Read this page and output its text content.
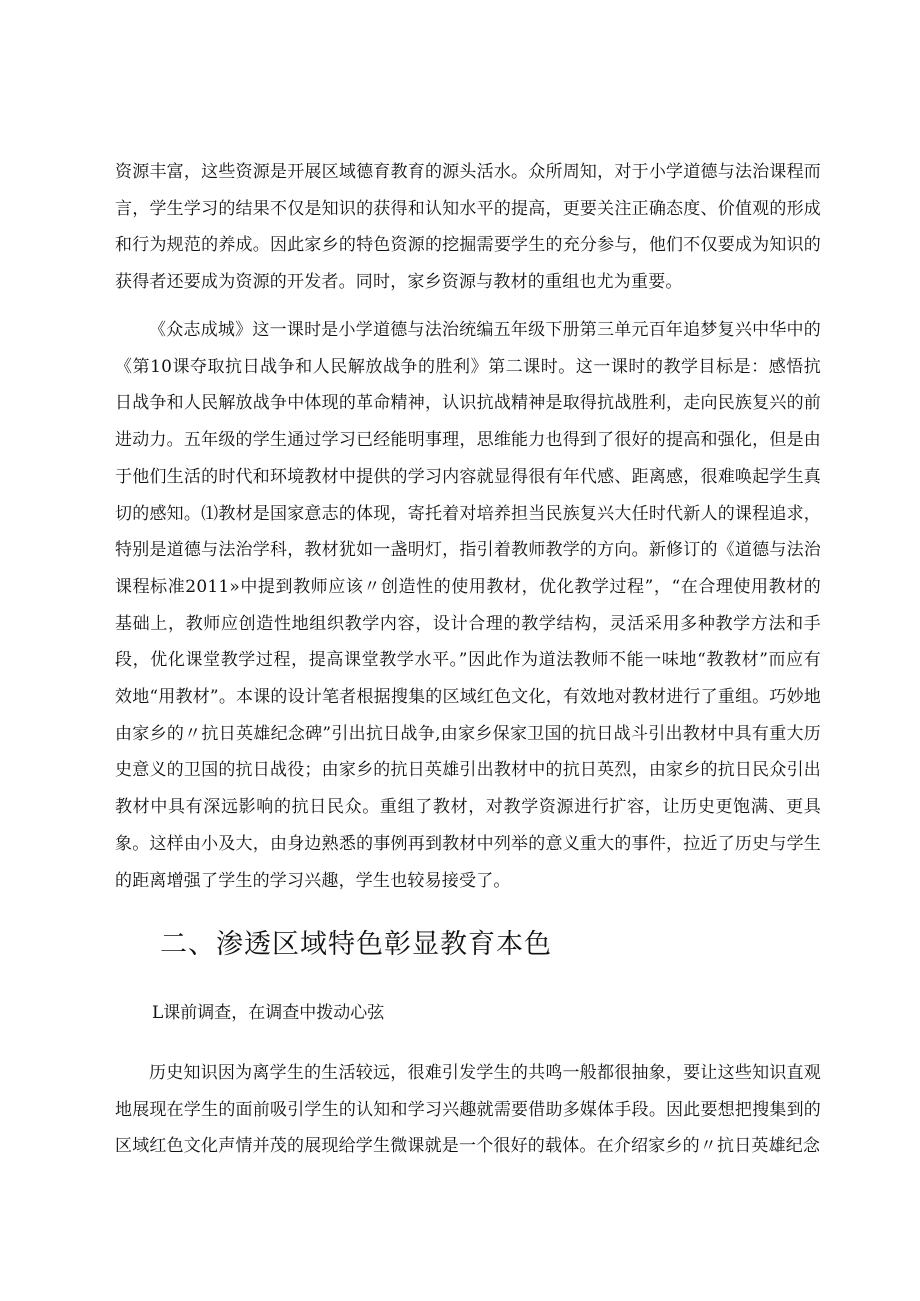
资源丰富，这些资源是开展区域德育教育的源头活水。众所周知，对于小学道德与法治课程而言，学生学习的结果不仅是知识的获得和认知水平的提高，更要关注正确态度、价值观的形成和行为规范的养成。因此家乡的特色资源的挖掘需要学生的充分参与，他们不仅要成为知识的获得者还要成为资源的开发者。同时，家乡资源与教材的重组也尤为重要。

《众志成城》这一课时是小学道德与法治统编五年级下册第三单元百年追梦复兴中华中的《第10课夺取抗日战争和人民解放战争的胜利》第二课时。这一课时的教学目标是：感悟抗日战争和人民解放战争中体现的革命精神，认识抗战精神是取得抗战胜利，走向民族复兴的前进动力。五年级的学生通过学习已经能明事理，思维能力也得到了很好的提高和强化，但是由于他们生活的时代和环境教材中提供的学习内容就显得很有年代感、距离感，很难唤起学生真切的感知。⑴教材是国家意志的体现，寄托着对培养担当民族复兴大任时代新人的课程追求，特别是道德与法治学科，教材犹如一盏明灯，指引着教师教学的方向。新修订的《道德与法治课程标准2011»中提到教师应该〃创造性的使用教材，优化教学过程”，“在合理使用教材的基础上，教师应创造性地组织教学内容，设计合理的教学结构，灵活采用多种教学方法和手段，优化课堂教学过程，提高课堂教学水平。”因此作为道法教师不能一味地“教教材”而应有效地“用教材”。本课的设计笔者根据搜集的区域红色文化，有效地对教材进行了重组。巧妙地由家乡的〃抗日英雄纪念碑”引出抗日战争,由家乡保家卫国的抗日战斗引出教材中具有重大历史意义的卫国的抗日战役；由家乡的抗日英雄引出教材中的抗日英烈，由家乡的抗日民众引出教材中具有深远影响的抗日民众。重组了教材，对教学资源进行扩容，让历史更饱满、更具象。这样由小及大，由身边熟悉的事例再到教材中列举的意义重大的事件，拉近了历史与学生的距离增强了学生的学习兴趣，学生也较易接受了。

二、渗透区域特色彰显教育本色

L课前调查，在调查中拨动心弦

历史知识因为离学生的生活较远，很难引发学生的共鸣一般都很抽象，要让这些知识直观地展现在学生的面前吸引学生的认知和学习兴趣就需要借助多媒体手段。因此要想把搜集到的区域红色文化声情并茂的展现给学生微课就是一个很好的载体。在介绍家乡的〃抗日英雄纪念
